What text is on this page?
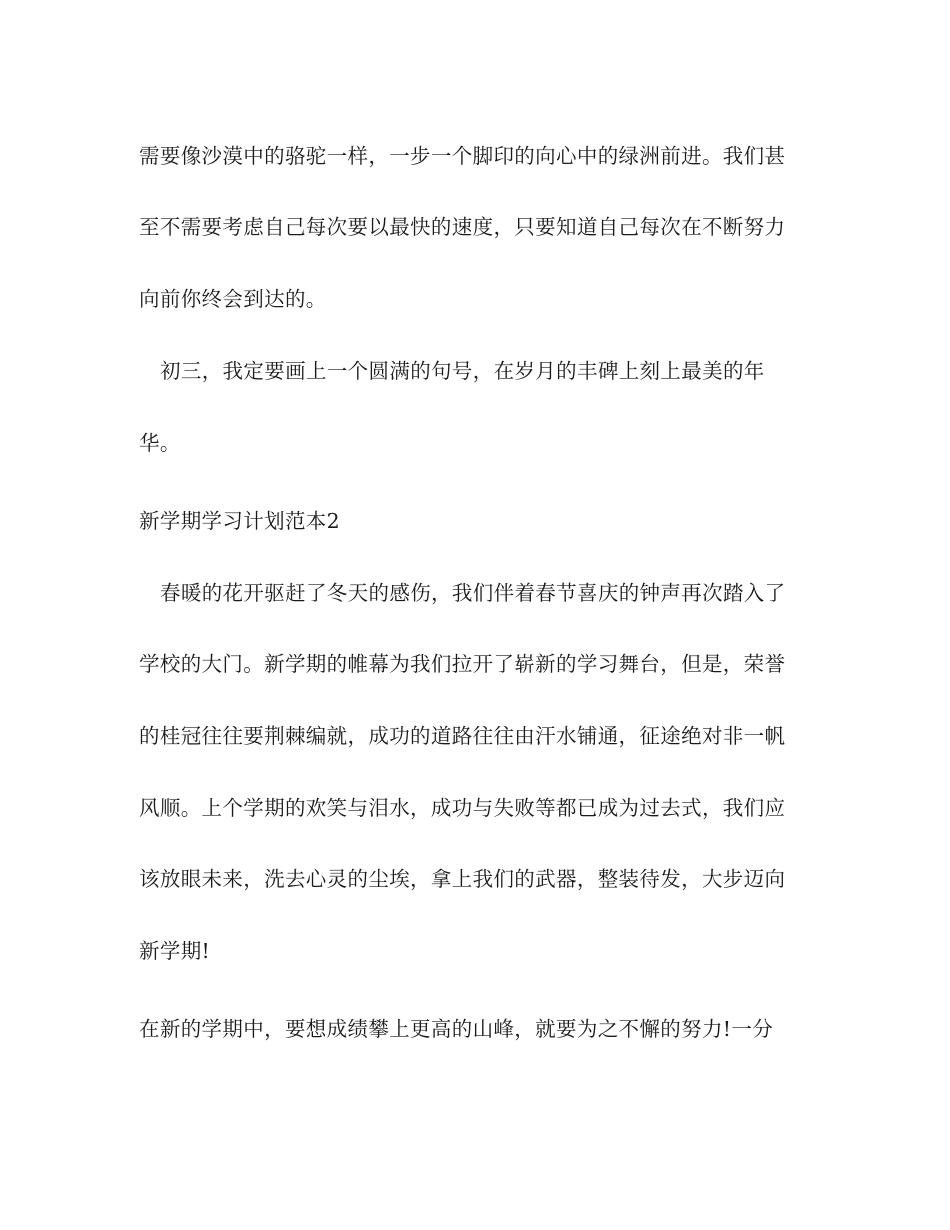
需要像沙漠中的骆驼一样，一步一个脚印的向心中的绿洲前进。我们甚
至不需要考虑自己每次要以最快的速度，只要知道自己每次在不断努力
向前你终会到达的。
初三，我定要画上一个圆满的句号，在岁月的丰碑上刻上最美的年
华。
新学期学习计划范本2
春暖的花开驱赶了冬天的感伤，我们伴着春节喜庆的钟声再次踏入了
学校的大门。新学期的帷幕为我们拉开了崭新的学习舞台，但是，荣誉
的桂冠往往要荆棘编就，成功的道路往往由汗水铺通，征途绝对非一帆
风顺。上个学期的欢笑与泪水，成功与失败等都已成为过去式，我们应
该放眼未来，洗去心灵的尘埃，拿上我们的武器，整装待发，大步迈向
新学期!
在新的学期中，要想成绩攀上更高的山峰，就要为之不懈的努力!一分
